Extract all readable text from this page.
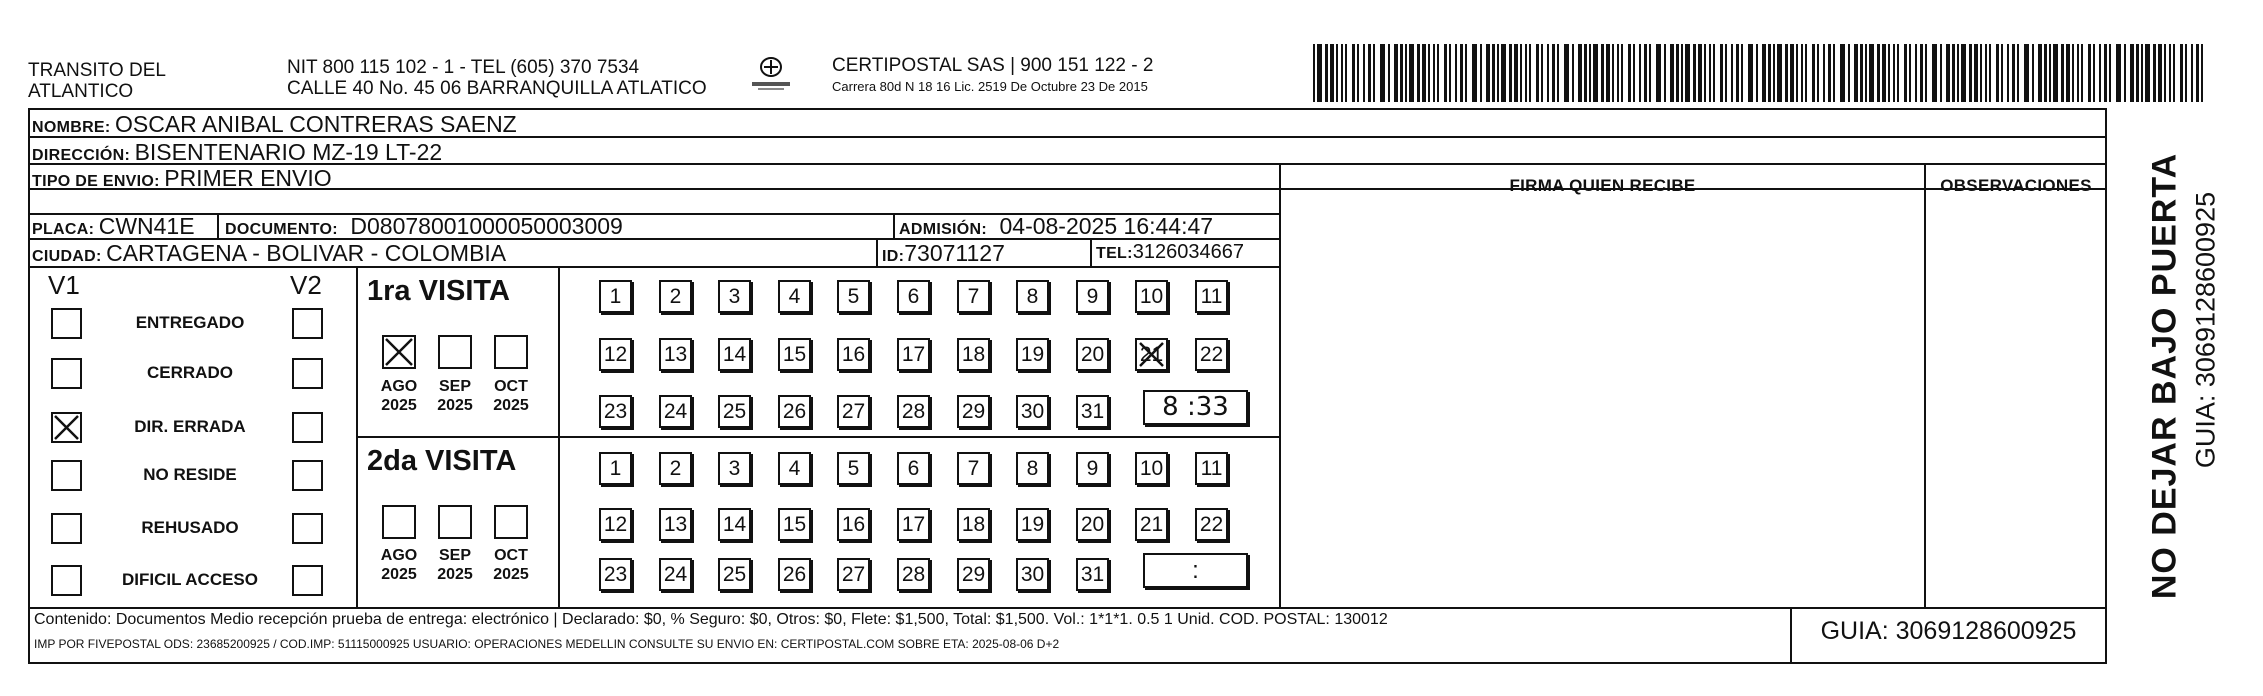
TRANSITO DEL
ATLANTICO
NIT 800 115 102 - 1 - TEL (605) 370 7534
CALLE 40 No. 45 06 BARRANQUILLA ATLATICO
CERTIPOSTAL SAS | 900 151 122 - 2
Carrera 80d N 18 16 Lic. 2519 De Octubre 23 De 2015
NOMBRE: OSCAR ANIBAL CONTRERAS SAENZ
DIRECCIÓN: BISENTENARIO MZ-19 LT-22
TIPO DE ENVIO: PRIMER ENVIO	FIRMA QUIEN RECIBE	OBSERVACIONES
PLACA: CWN41E DOCUMENTO: D08078001000050003009	ADMISIÓN: 04-08-2025 16:44:47
CIUDAD: CARTAGENA - BOLIVAR - COLOMBIA	ID:73071127	TEL:3126034667
V1	V2
ENTREGADO
CERRADO
DIR. ERRADA
NO RESIDE
REHUSADO
DIFICIL ACCESO
1ra VISITA
2da VISITA
AGO
2025
SEP
2025
OCT
2025
AGO
2025
SEP
2025
OCT
2025
1	2	3	4	5	6	7	8	9	10 11
12 13 14 15 16 17 18 19 20 21 22
23 24 25 26 27 28 29 30 31
1	2	3	4	5	6	7	8	9	10 11
12 13 14 15 16 17 18 19 20 21 22
23 24 25 26 27 28 29 30 31
8 :33
:
Contenido: Documentos Medio recepción prueba de entrega: electrónico | Declarado: $0, % Seguro: $0, Otros: $0, Flete: $1,500, Total: $1,500. Vol.: 1*1*1. 0.5 1 Unid. COD. POSTAL: 130012
IMP POR FIVEPOSTAL ODS: 23685200925 / COD.IMP: 51115000925 USUARIO: OPERACIONES MEDELLIN CONSULTE SU ENVIO EN: CERTIPOSTAL.COM SOBRE ETA: 2025-08-06 D+2	GUIA: 3069128600925
NO DEJAR BAJO PUERTA GUIA: 3069128600925
